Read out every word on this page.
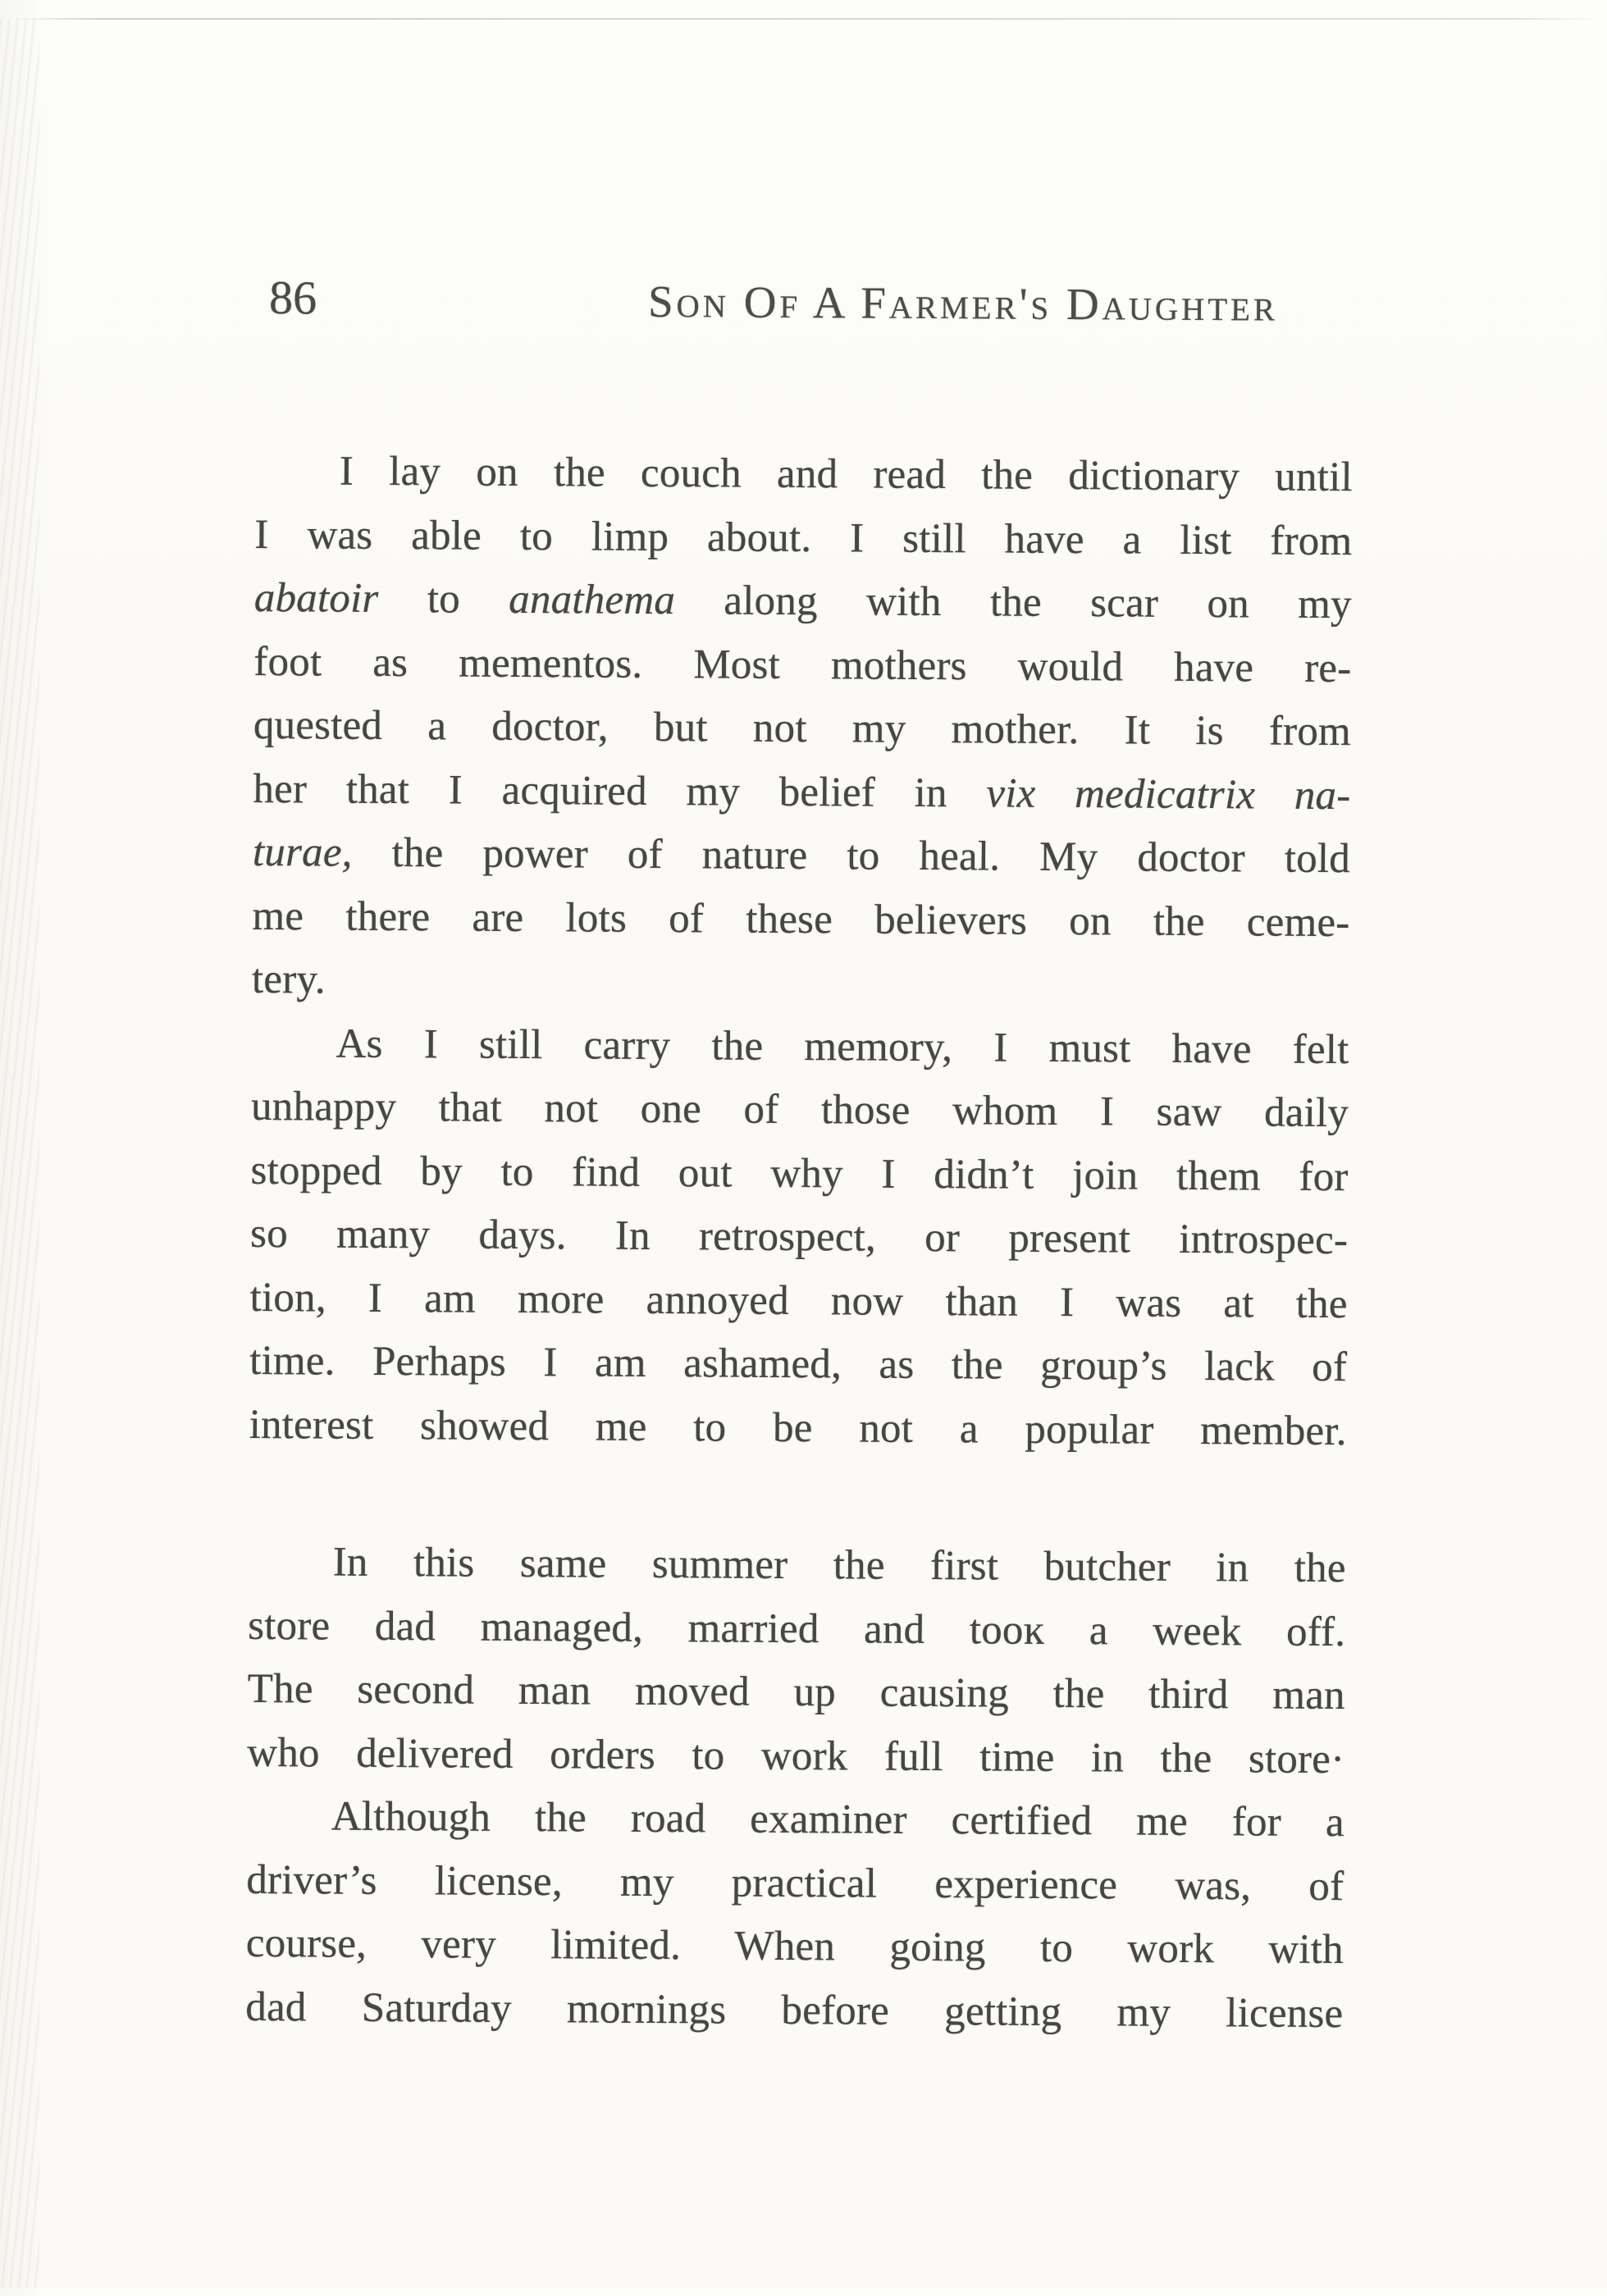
86	Son Of A Farmer's Daughter
I lay on the couch and read the dictionary until
I was able to limp about. I still have a list from
abatoir to anathema along with the scar on my
foot as mementos. Most mothers would have re-
quested a doctor, but not my mother. It is from
her that I acquired my belief in vix medicatrix na-
turae, the power of nature to heal. My doctor told
me there are lots of these believers on the ceme-
tery.
As I still carry the memory, I must have felt
unhappy that not one of those whom I saw daily
stopped by to find out why I didn’t join them for
so many days. In retrospect, or present introspec-
tion, I am more annoyed now than I was at the
time. Perhaps I am ashamed, as the group’s lack of
interest showed me to be not a popular member.
In this same summer the first butcher in the
store dad managed, married and tooĸ a week off.
The second man moved up causing the third man
who delivered orders to work full time in the store·
Although the road examiner certified me for a
driver’s license, my practical experience was, of
course, very limited. When going to work with
dad Saturday mornings before getting my license
